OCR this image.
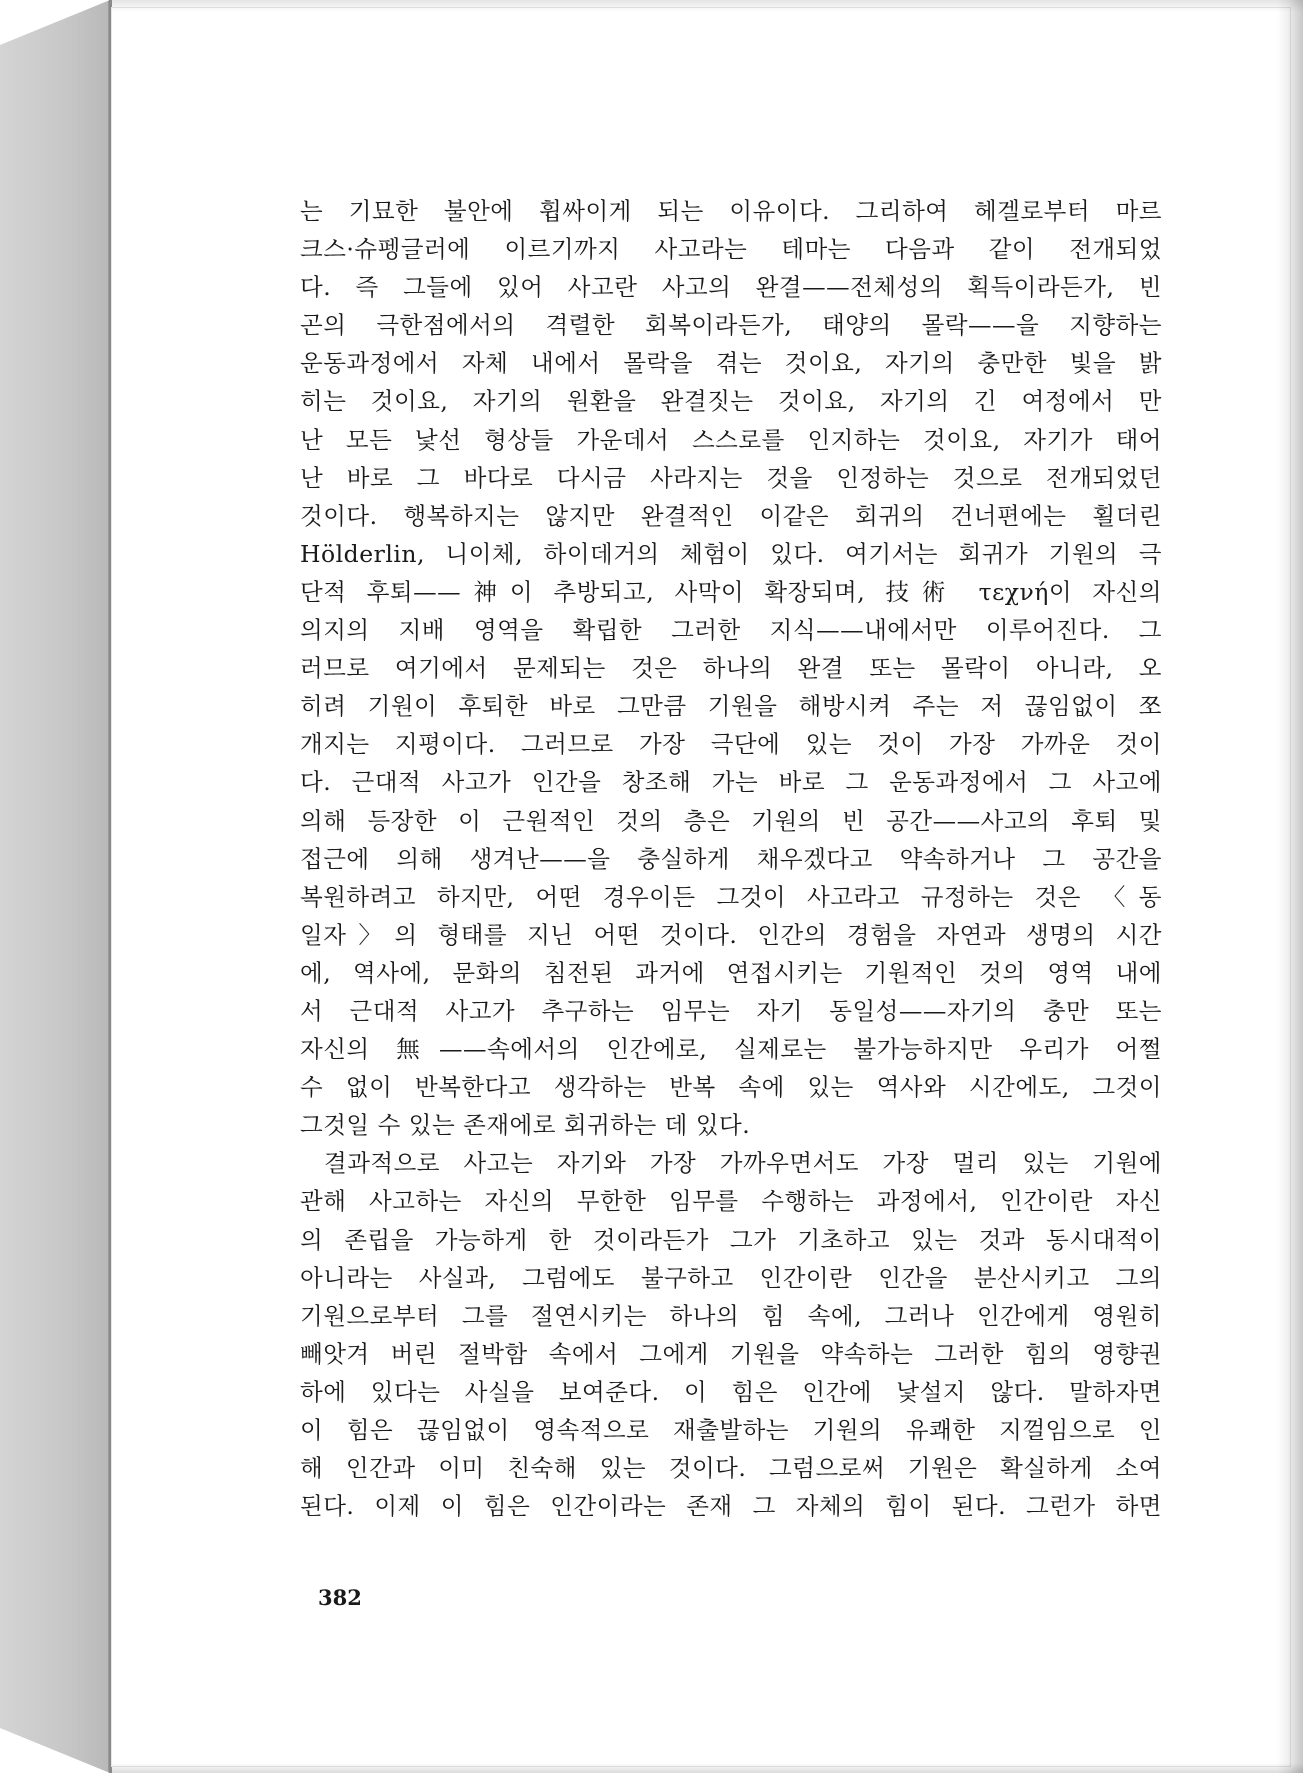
는 기묘한 불안에 휩싸이게 되는 이유이다. 그리하여 헤겔로부터 마르
크스·슈펭글러에 이르기까지 사고라는 테마는 다음과 같이 전개되었
다. 즉 그들에 있어 사고란 사고의 완결——전체성의 획득이라든가, 빈
곤의 극한점에서의 격렬한 회복이라든가, 태양의 몰락——을 지향하는
운동과정에서 자체 내에서 몰락을 겪는 것이요, 자기의 충만한 빛을 밝
히는 것이요, 자기의 원환을 완결짓는 것이요, 자기의 긴 여정에서 만
난 모든 낯선 형상들 가운데서 스스로를 인지하는 것이요, 자기가 태어
난 바로 그 바다로 다시금 사라지는 것을 인정하는 것으로 전개되었던
것이다. 행복하지는 않지만 완결적인 이같은 회귀의 건너편에는 횔더린
Hölderlin, 니이체, 하이데거의 체험이 있다. 여기서는 회귀가 기원의 극
단적 후퇴——神이 추방되고, 사막이 확장되며, 技術 τεχνή이 자신의
의지의 지배 영역을 확립한 그러한 지식——내에서만 이루어진다. 그
러므로 여기에서 문제되는 것은 하나의 완결 또는 몰락이 아니라, 오
히려 기원이 후퇴한 바로 그만큼 기원을 해방시켜 주는 저 끊임없이 쪼
개지는 지평이다. 그러므로 가장 극단에 있는 것이 가장 가까운 것이
다. 근대적 사고가 인간을 창조해 가는 바로 그 운동과정에서 그 사고에
의해 등장한 이 근원적인 것의 층은 기원의 빈 공간——사고의 후퇴 및
접근에 의해 생겨난——을 충실하게 채우겠다고 약속하거나 그 공간을
복원하려고 하지만, 어떤 경우이든 그것이 사고라고 규정하는 것은 〈동
일자〉의 형태를 지닌 어떤 것이다. 인간의 경험을 자연과 생명의 시간
에, 역사에, 문화의 침전된 과거에 연접시키는 기원적인 것의 영역 내에
서 근대적 사고가 추구하는 임무는 자기 동일성——자기의 충만 또는
자신의 無——속에서의 인간에로, 실제로는 불가능하지만 우리가 어쩔
수 없이 반복한다고 생각하는 반복 속에 있는 역사와 시간에도, 그것이
그것일 수 있는 존재에로 회귀하는 데 있다.
결과적으로 사고는 자기와 가장 가까우면서도 가장 멀리 있는 기원에
관해 사고하는 자신의 무한한 임무를 수행하는 과정에서, 인간이란 자신
의 존립을 가능하게 한 것이라든가 그가 기초하고 있는 것과 동시대적이
아니라는 사실과, 그럼에도 불구하고 인간이란 인간을 분산시키고 그의
기원으로부터 그를 절연시키는 하나의 힘 속에, 그러나 인간에게 영원히
빼앗겨 버린 절박함 속에서 그에게 기원을 약속하는 그러한 힘의 영향권
하에 있다는 사실을 보여준다. 이 힘은 인간에 낯설지 않다. 말하자면
이 힘은 끊임없이 영속적으로 재출발하는 기원의 유쾌한 지껄임으로 인
해 인간과 이미 친숙해 있는 것이다. 그럼으로써 기원은 확실하게 소여
된다. 이제 이 힘은 인간이라는 존재 그 자체의 힘이 된다. 그런가 하면
382
